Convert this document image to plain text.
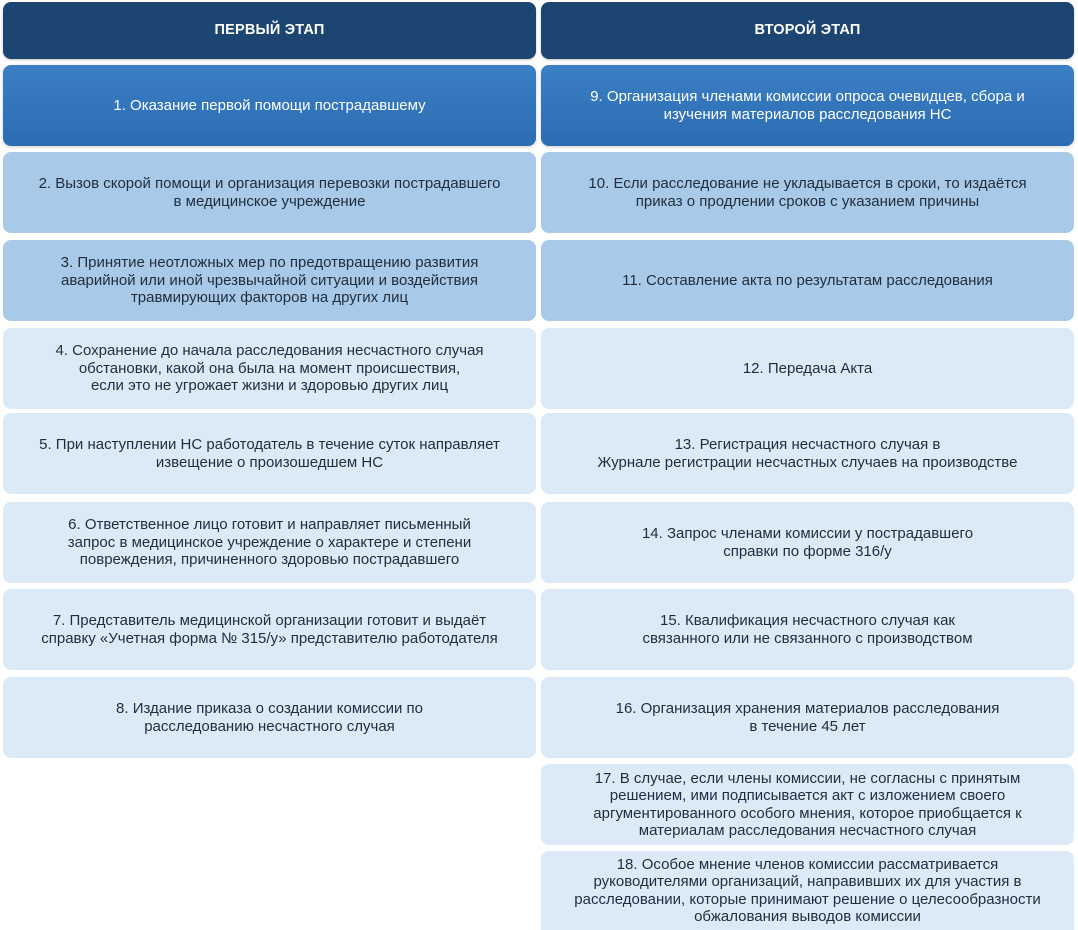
ПЕРВЫЙ ЭТАП
1. Оказание первой помощи пострадавшему
2. Вызов скорой помощи и организация перевозки пострадавшего
в медицинское учреждение
3. Принятие неотложных мер по предотвращению развития
аварийной или иной чрезвычайной ситуации и воздействия
травмирующих факторов на других лиц
4. Сохранение до начала расследования несчастного случая
обстановки, какой она была на момент происшествия,
если это не угрожает жизни и здоровью других лиц
5. При наступлении НС работодатель в течение суток направляет
извещение о произошедшем НС
6. Ответственное лицо готовит и направляет письменный
запрос в медицинское учреждение о характере и степени
повреждения, причиненного здоровью пострадавшего
7. Представитель медицинской организации готовит и выдаёт
справку «Учетная форма № 315/у» представителю работодателя
8. Издание приказа о создании комиссии по
расследованию несчастного случая
ВТОРОЙ ЭТАП
9. Организация членами комиссии опроса очевидцев, сбора и
изучения материалов расследования НС
10. Если расследование не укладывается в сроки, то издаётся
приказ о продлении сроков с указанием причины
11. Составление акта по результатам расследования
12. Передача Акта
13. Регистрация несчастного случая в
Журнале регистрации несчастных случаев на производстве
14. Запрос членами комиссии у пострадавшего
справки по форме 316/у
15. Квалификация несчастного случая как
связанного или не связанного с производством
16. Организация хранения материалов расследования
в течение 45 лет
17. В случае, если члены комиссии, не согласны с принятым
решением, ими подписывается акт с изложением своего
аргументированного особого мнения, которое приобщается к
материалам расследования несчастного случая
18. Особое мнение членов комиссии рассматривается
руководителями организаций, направивших их для участия в
расследовании, которые принимают решение о целесообразности
обжалования выводов комиссии
